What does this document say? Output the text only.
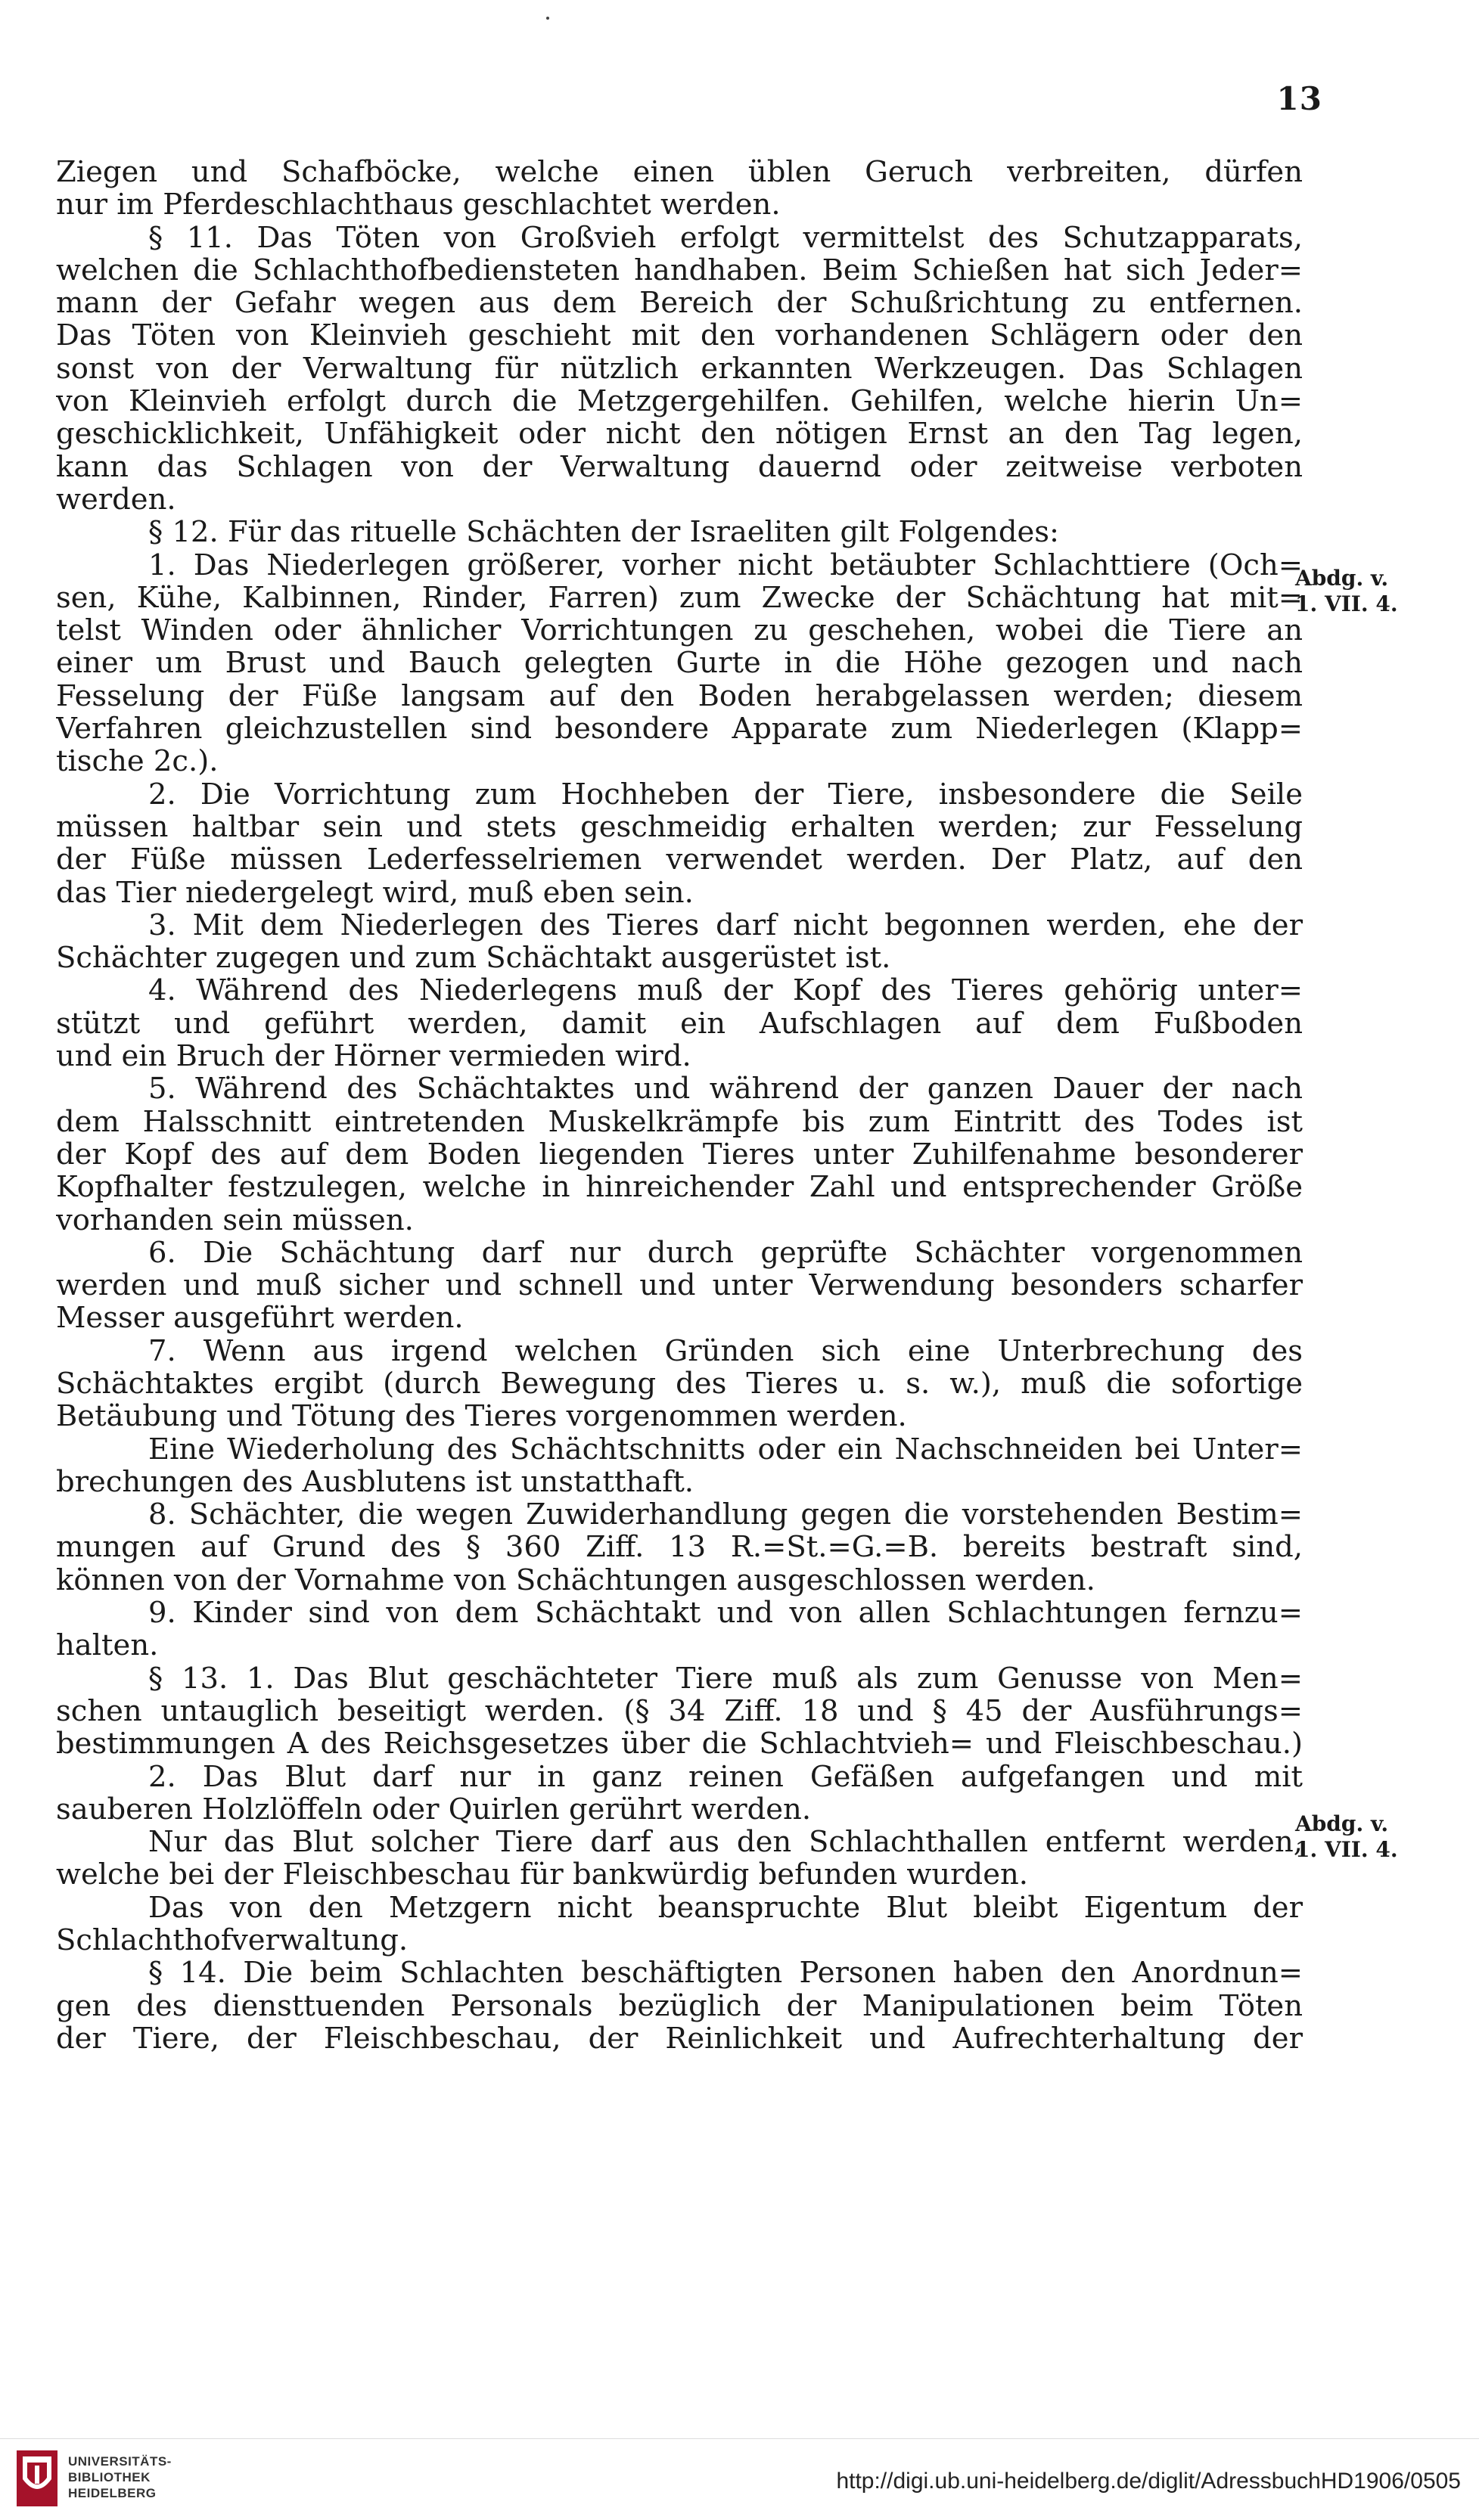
13
Ziegen und Schafböcke, welche einen üblen Geruch verbreiten, dürfen
nur im Pferdeschlachthaus geschlachtet werden.
§ 11. Das Töten von Großvieh erfolgt vermittelst des Schutzapparats,
welchen die Schlachthofbedienstеten handhaben. Beim Schießen hat sich Jeder=
mann der Gefahr wegen aus dem Bereich der Schußrichtung zu entfernen.
Das Töten von Kleinvieh geschieht mit den vorhandenen Schlägern oder den
sonst von der Verwaltung für nützlich erkannten Werkzeugen. Das Schlagen
von Kleinvieh erfolgt durch die Metzgergehilfen. Gehilfen, welche hierin Un=
geschicklichkeit, Unfähigkeit oder nicht den nötigen Ernst an den Tag legen,
kann das Schlagen von der Verwaltung dauernd oder zeitweise verboten
werden.
§ 12. Für das rituelle Schächten der Israeliten gilt Folgendes:
1. Das Niederlegen größerer, vorher nicht betäubter Schlachttiere (Och=
sen, Kühe, Kalbinnen, Rinder, Farren) zum Zwecke der Schächtung hat mit=
telst Winden oder ähnlicher Vorrichtungen zu geschehen, wobei die Tiere an
einer um Brust und Bauch gelegten Gurte in die Höhe gezogen und nach
Fesselung der Füße langsam auf den Boden herabgelassen werden; diesem
Verfahren gleichzustellen sind besondere Apparate zum Niederlegen (Klapp=
tische 2c.).
2. Die Vorrichtung zum Hochheben der Tiere, insbesondere die Seile
müssen haltbar sein und stets geschmeidig erhalten werden; zur Fesselung
der Füße müssen Lederfesselriemen verwendet werden. Der Platz, auf den
das Tier niedergelegt wird, muß eben sein.
3. Mit dem Niederlegen des Tieres darf nicht begonnen werden, ehe der
Schächter zugegen und zum Schächtakt ausgerüstet ist.
4. Während des Niederlegens muß der Kopf des Tieres gehörig unter=
stützt und geführt werden, damit ein Aufschlagen auf dem Fußboden
und ein Bruch der Hörner vermieden wird.
5. Während des Schächtaktes und während der ganzen Dauer der nach
dem Halsschnitt eintretenden Muskelkrämpfe bis zum Eintritt des Todes ist
der Kopf des auf dem Boden liegenden Tieres unter Zuhilfenahme besonderer
Kopfhalter festzulegen, welche in hinreichender Zahl und entsprechender Größe
vorhanden sein müssen.
6. Die Schächtung darf nur durch geprüfte Schächter vorgenommen
werden und muß sicher und schnell und unter Verwendung besonders scharfer
Messer ausgeführt werden.
7. Wenn aus irgend welchen Gründen sich eine Unterbrechung des
Schächtaktes ergibt (durch Bewegung des Tieres u. s. w.), muß die sofortige
Betäubung und Tötung des Tieres vorgenommen werden.
Eine Wiederholung des Schächtschnitts oder ein Nachschneiden bei Unter=
brechungen des Ausblutens ist unstatthaft.
8. Schächter, die wegen Zuwiderhandlung gegen die vorstehenden Bestim=
mungen auf Grund des § 360 Ziff. 13 R.=St.=G.=B. bereits bestraft sind,
können von der Vornahme von Schächtungen ausgeschlossen werden.
9. Kinder sind von dem Schächtakt und von allen Schlachtungen fernzu=
halten.
§ 13. 1. Das Blut geschächteter Tiere muß als zum Genusse von Men=
schen untauglich beseitigt werden. (§ 34 Ziff. 18 und § 45 der Ausführungs=
bestimmungen A des Reichsgesetzes über die Schlachtvieh= und Fleischbeschau.)
2. Das Blut darf nur in ganz reinen Gefäßen aufgefangen und mit
sauberen Holzlöffeln oder Quirlen gerührt werden.
Nur das Blut solcher Tiere darf aus den Schlachthallen entfernt werden,
welche bei der Fleischbeschau für bankwürdig befunden wurden.
Das von den Metzgern nicht beanspruchte Blut bleibt Eigentum der
Schlachthofverwaltung.
§ 14. Die beim Schlachten beschäftigten Personen haben den Anordnun=
gen des diensttuenden Personals bezüglich der Manipulationen beim Töten
der Tiere, der Fleischbeschau, der Reinlichkeit und Aufrechterhaltung der
Abdg. v.
1. VII. 4.
Abdg. v.
1. VII. 4.
UNIVERSITÄTS-
BIBLIOTHEK
HEIDELBERG	http://digi.ub.uni-heidelberg.de/diglit/AdressbuchHD1906/0505
